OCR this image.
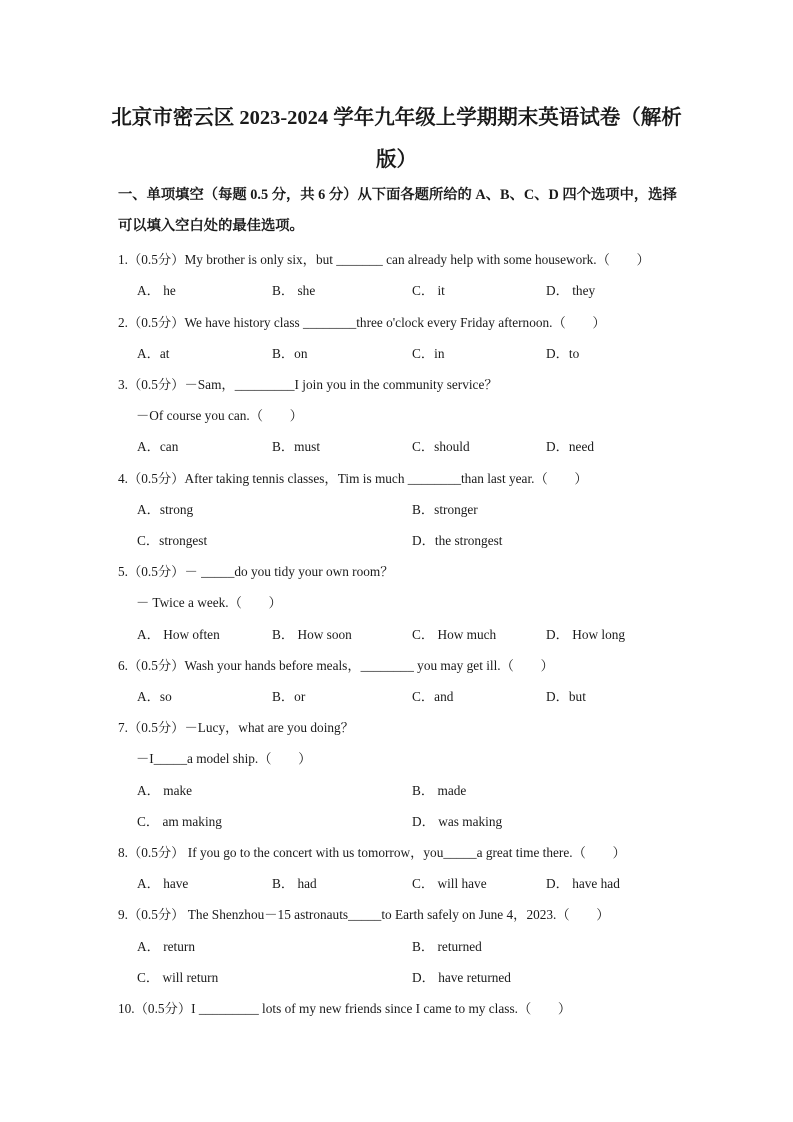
北京市密云区 2023-2024 学年九年级上学期期末英语试卷（解析
版）
一、单项填空（每题 0.5 分，共 6 分）从下面各题所给的 A、B、C、D 四个选项中，选择
可以填入空白处的最佳选项。
1.（0.5分）My brother is only six，but _______ can already help with some housework.（　　）
A． he	B． she	C． it	D． they
2.（0.5分）We have history class ________three o'clock every Friday afternoon.（　　）
A．at	B．on	C．in	D．to
3.（0.5分）－Sam，_________I join you in the community service？
－Of course you can.（　　）
A．can	B．must	C．should	D．need
4.（0.5分）After taking tennis classes，Tim is much ________than last year.（　　）
A．strong	B．stronger
C．strongest	D．the strongest
5.（0.5分）－ _____do you tidy your own room？
－ Twice a week.（　　）
A． How often	B． How soon	C． How much	D． How long
6.（0.5分）Wash your hands before meals，________ you may get ill.（　　）
A．so	B．or	C．and	D．but
7.（0.5分）－Lucy，what are you doing？
－I_____a model ship.（　　）
A． make	B． made
C． am making	D． was making
8.（0.5分） If you go to the concert with us tomorrow，you_____a great time there.（　　）
A． have	B． had	C． will have	D． have had
9.（0.5分） The Shenzhou－15 astronauts_____to Earth safely on June 4，2023.（　　）
A． return	B． returned
C． will return	D． have returned
10.（0.5分）I _________ lots of my new friends since I came to my class.（　　）
